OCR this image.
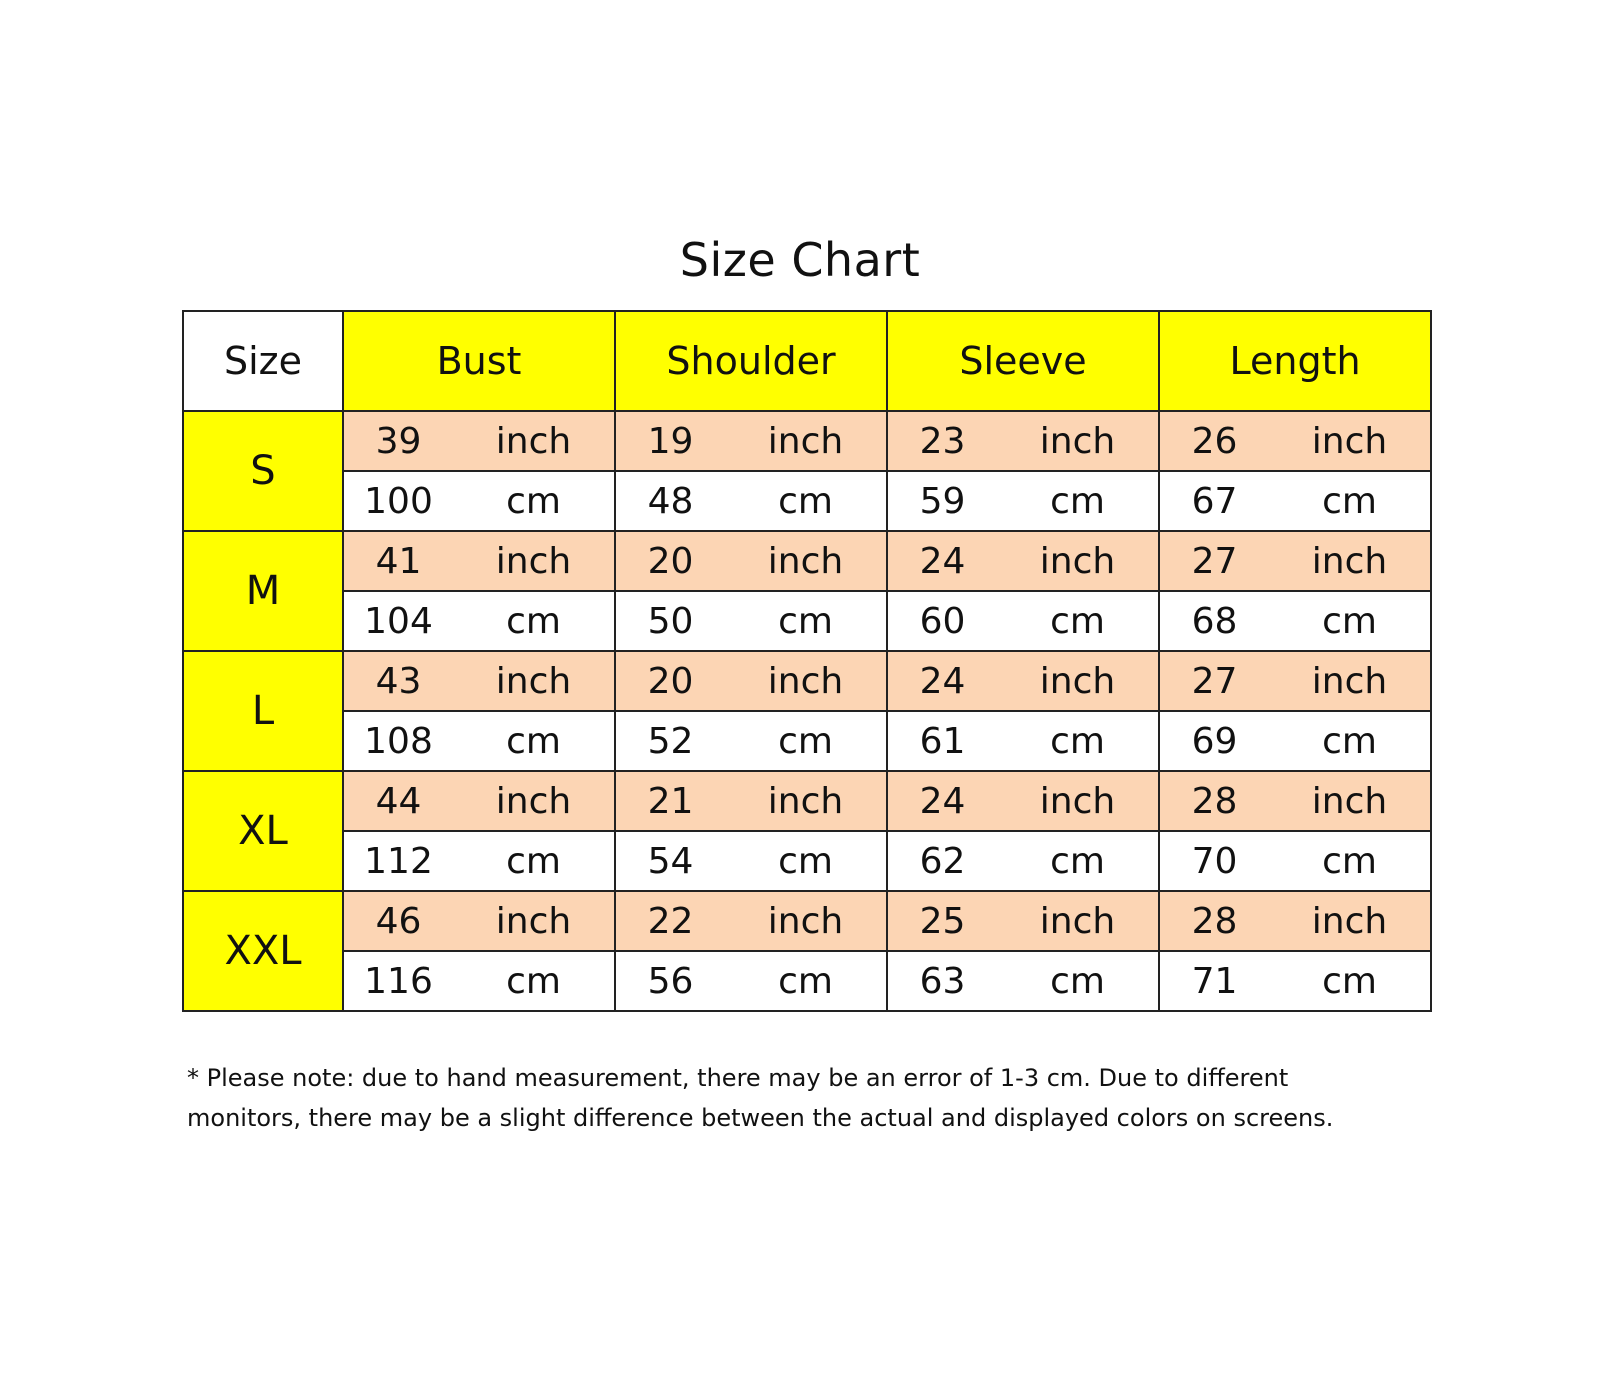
Size Chart
Size	Bust		Shoulder		Sleeve		Length	
S	39	inch	19	inch	23	inch	26	inch
	100	cm	48	cm	59	cm	67	cm
M	41	inch	20	inch	24	inch	27	inch
	104	cm	50	cm	60	cm	68	cm
L	43	inch	20	inch	24	inch	27	inch
	108	cm	52	cm	61	cm	69	cm
XL	44	inch	21	inch	24	inch	28	inch
	112	cm	54	cm	62	cm	70	cm
XXL	46	inch	22	inch	25	inch	28	inch
	116	cm	56	cm	63	cm	71	cm
* Please note: due to hand measurement, there may be an error of 1-3 cm. Due to different
monitors, there may be a slight difference between the actual and displayed colors on screens.
